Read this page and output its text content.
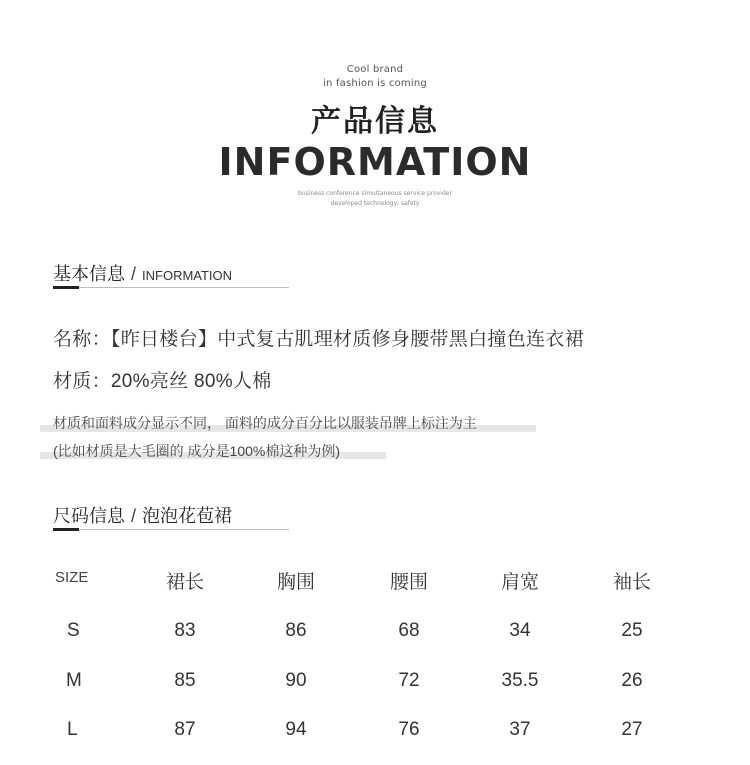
Cool brand
in fashion is coming
产品信息
INFORMATION
business conference simultaneous service provider
developed technology, safety
基本信息 / INFORMATION
名称：【昨日楼台】中式复古肌理材质修身腰带黑白撞色连衣裙
材质：20%亮丝 80%人棉
材质和面料成分显示不同， 面料的成分百分比以服装吊牌上标注为主
(比如材质是大毛圈的 成分是100%棉这种为例)
尺码信息 / 泡泡花苞裙
SIZE	裙长	胸围	腰围	肩宽	袖长
S	83	86	68	34	25
M	85	90	72	35.5	26
L	87	94	76	37	27
